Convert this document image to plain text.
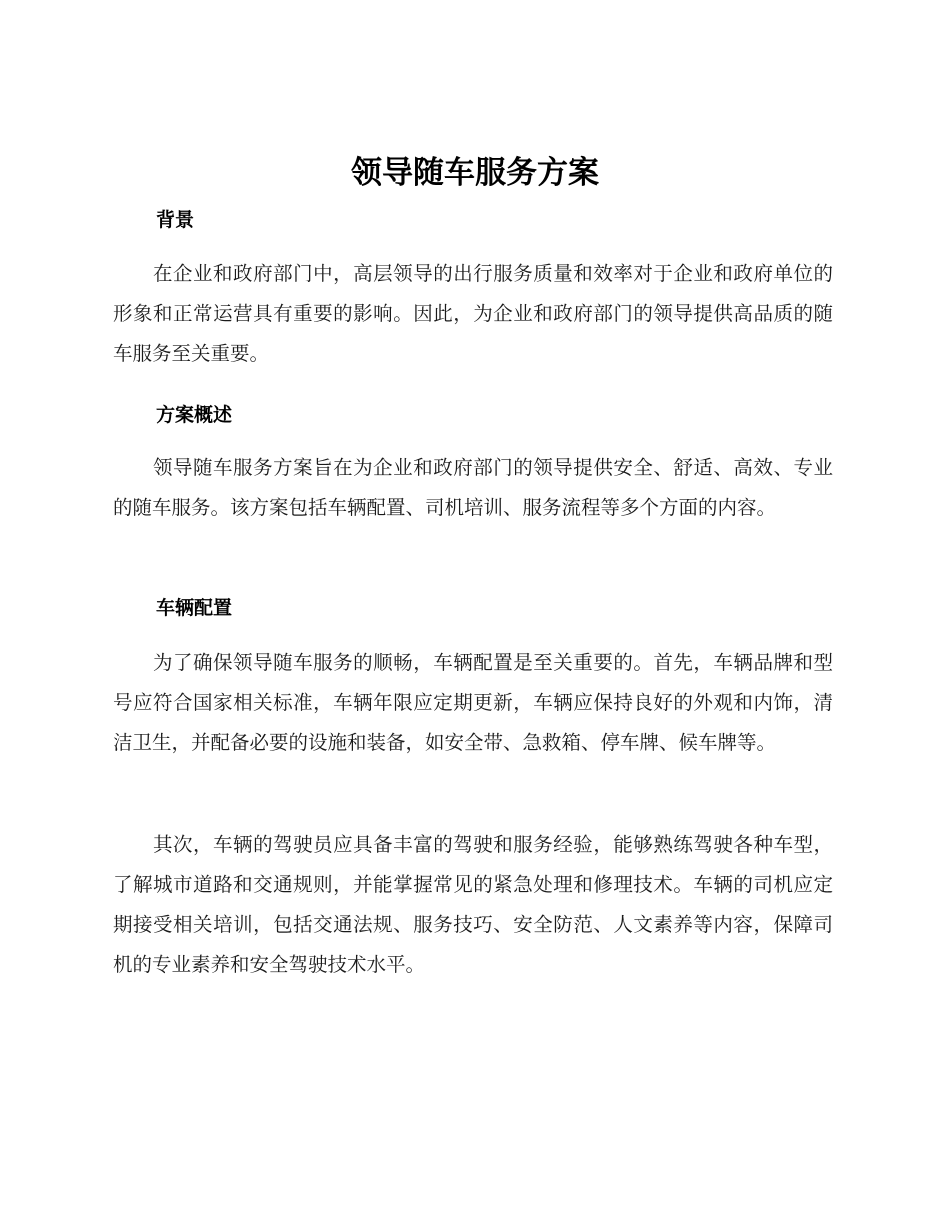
领导随车服务方案
背景

在企业和政府部门中，高层领导的出行服务质量和效率对于企业和政府单位的形象和正常运营具有重要的影响。因此，为企业和政府部门的领导提供高品质的随车服务至关重要。

方案概述

领导随车服务方案旨在为企业和政府部门的领导提供安全、舒适、高效、专业的随车服务。该方案包括车辆配置、司机培训、服务流程等多个方面的内容。

车辆配置

为了确保领导随车服务的顺畅，车辆配置是至关重要的。首先，车辆品牌和型号应符合国家相关标准，车辆年限应定期更新，车辆应保持良好的外观和内饰，清洁卫生，并配备必要的设施和装备，如安全带、急救箱、停车牌、候车牌等。

其次，车辆的驾驶员应具备丰富的驾驶和服务经验，能够熟练驾驶各种车型，了解城市道路和交通规则，并能掌握常见的紧急处理和修理技术。车辆的司机应定期接受相关培训，包括交通法规、服务技巧、安全防范、人文素养等内容，保障司机的专业素养和安全驾驶技术水平。
